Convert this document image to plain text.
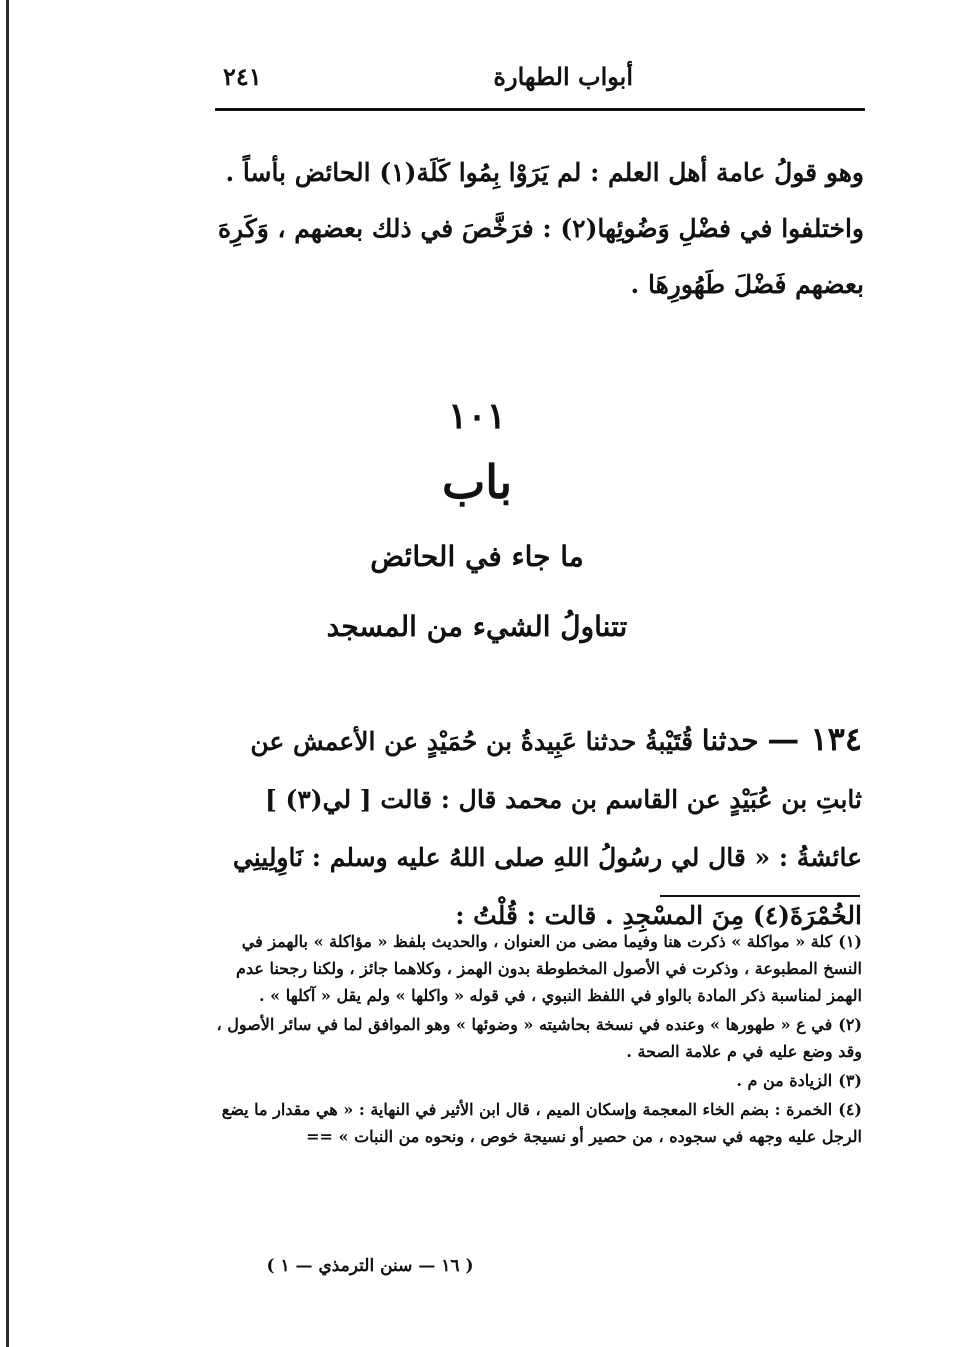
أبواب الطهارة
٢٤١
وهو قولُ عامة أهل العلم : لم يَرَوْا بِمُوا كَلَة(١) الحائض بأساً . واختلفوا في فضْلِ وَضُوئِها(٢) : فرَخَّصَ في ذلك بعضهم ، وَكَرِهَ بعضهم فَضْلَ طَهُورِهَا .
١٠١
باب
ما جاء في الحائض
تتناولُ الشيء من المسجد
١٣٤ — حدثنا قُتَيْبةُ حدثنا عَبِيدةُ بن حُمَيْدٍ عن الأعمش عن ثابتِ بن عُبَيْدٍ عن القاسم بن محمد قال : قالت [ لي(٣) ] عائشةُ : « قال لي رسُولُ اللهِ صلى اللهُ عليه وسلم : نَاوِلِينِي الخُمْرَةَ(٤) مِنَ المسْجِدِ . قالت : قُلْتُ :
(١)كلة « مواكلة » ذكرت هنا وفيما مضى من العنوان ، والحديث بلفظ « مؤاكلة » بالهمز في النسخ المطبوعة ، وذكرت في الأصول المخطوطة بدون الهمز ، وكلاهما جائز ، ولكنا رجحنا عدم الهمز لمناسبة ذكر المادة بالواو في اللفظ النبوي ، في قوله « واكلها » ولم يقل « آكلها » .
(٢)في ع « طهورها » وعنده في نسخة بحاشيته « وضوئها » وهو الموافق لما في سائر الأصول ، وقد وضع عليه في م علامة الصحة .
(٣)الزيادة من م .
(٤)الخمرة : بضم الخاء المعجمة وإسكان الميم ، قال ابن الأثير في النهاية : « هي مقدار ما يضع الرجل عليه وجهه في سجوده ، من حصير أو نسيجة خوص ، ونحوه من النبات » ==
( ١٦ — سنن الترمذي — ١ )
